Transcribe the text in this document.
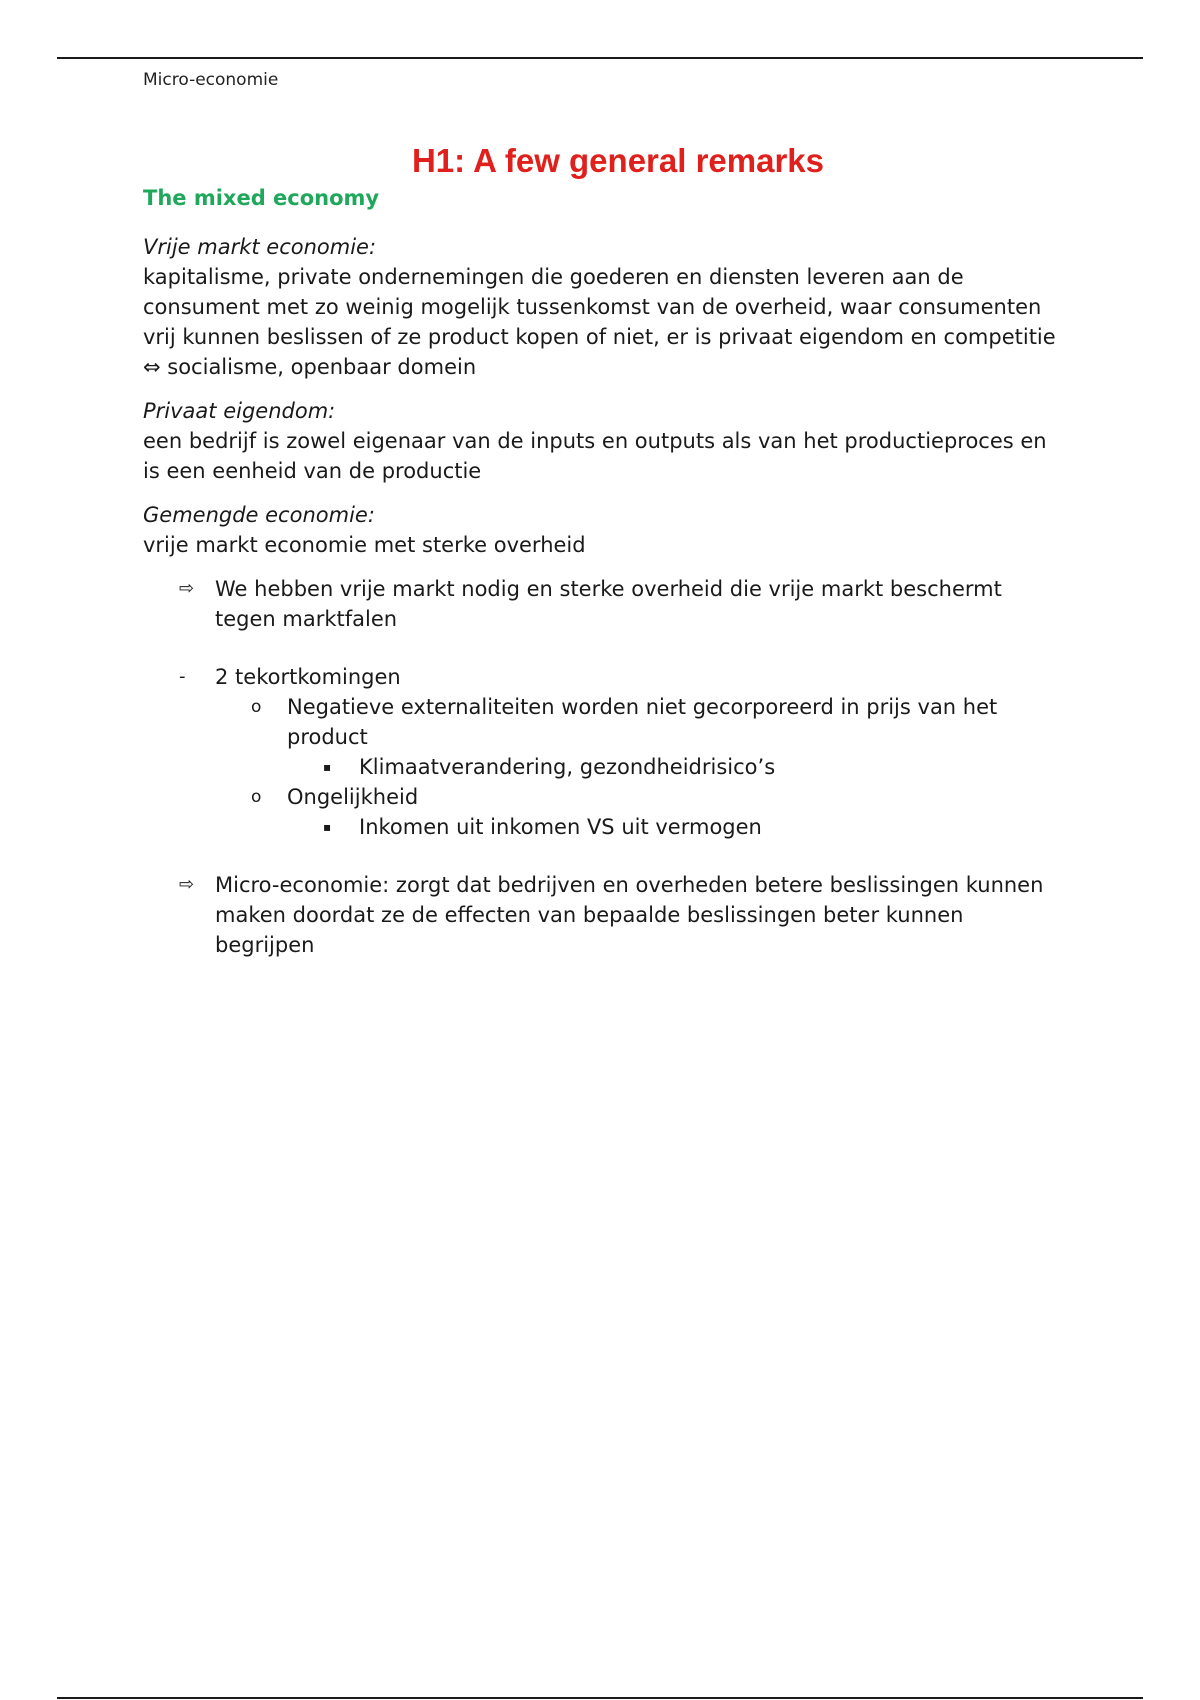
Micro-economie
H1: A few general remarks
The mixed economy
Vrije markt economie:
kapitalisme, private ondernemingen die goederen en diensten leveren aan de consument met zo weinig mogelijk tussenkomst van de overheid, waar consumenten vrij kunnen beslissen of ze product kopen of niet, er is privaat eigendom en competitie ⇔ socialisme, openbaar domein
Privaat eigendom:
een bedrijf is zowel eigenaar van de inputs en outputs als van het productieproces en is een eenheid van de productie
Gemengde economie:
vrije markt economie met sterke overheid
⇨ We hebben vrije markt nodig en sterke overheid die vrije markt beschermt tegen marktfalen
- 2 tekortkomingen
o Negatieve externaliteiten worden niet gecorporeerd in prijs van het product
▪ Klimaatverandering, gezondheidrisico’s
o Ongelijkheid
▪ Inkomen uit inkomen VS uit vermogen
⇨ Micro-economie: zorgt dat bedrijven en overheden betere beslissingen kunnen maken doordat ze de effecten van bepaalde beslissingen beter kunnen begrijpen
